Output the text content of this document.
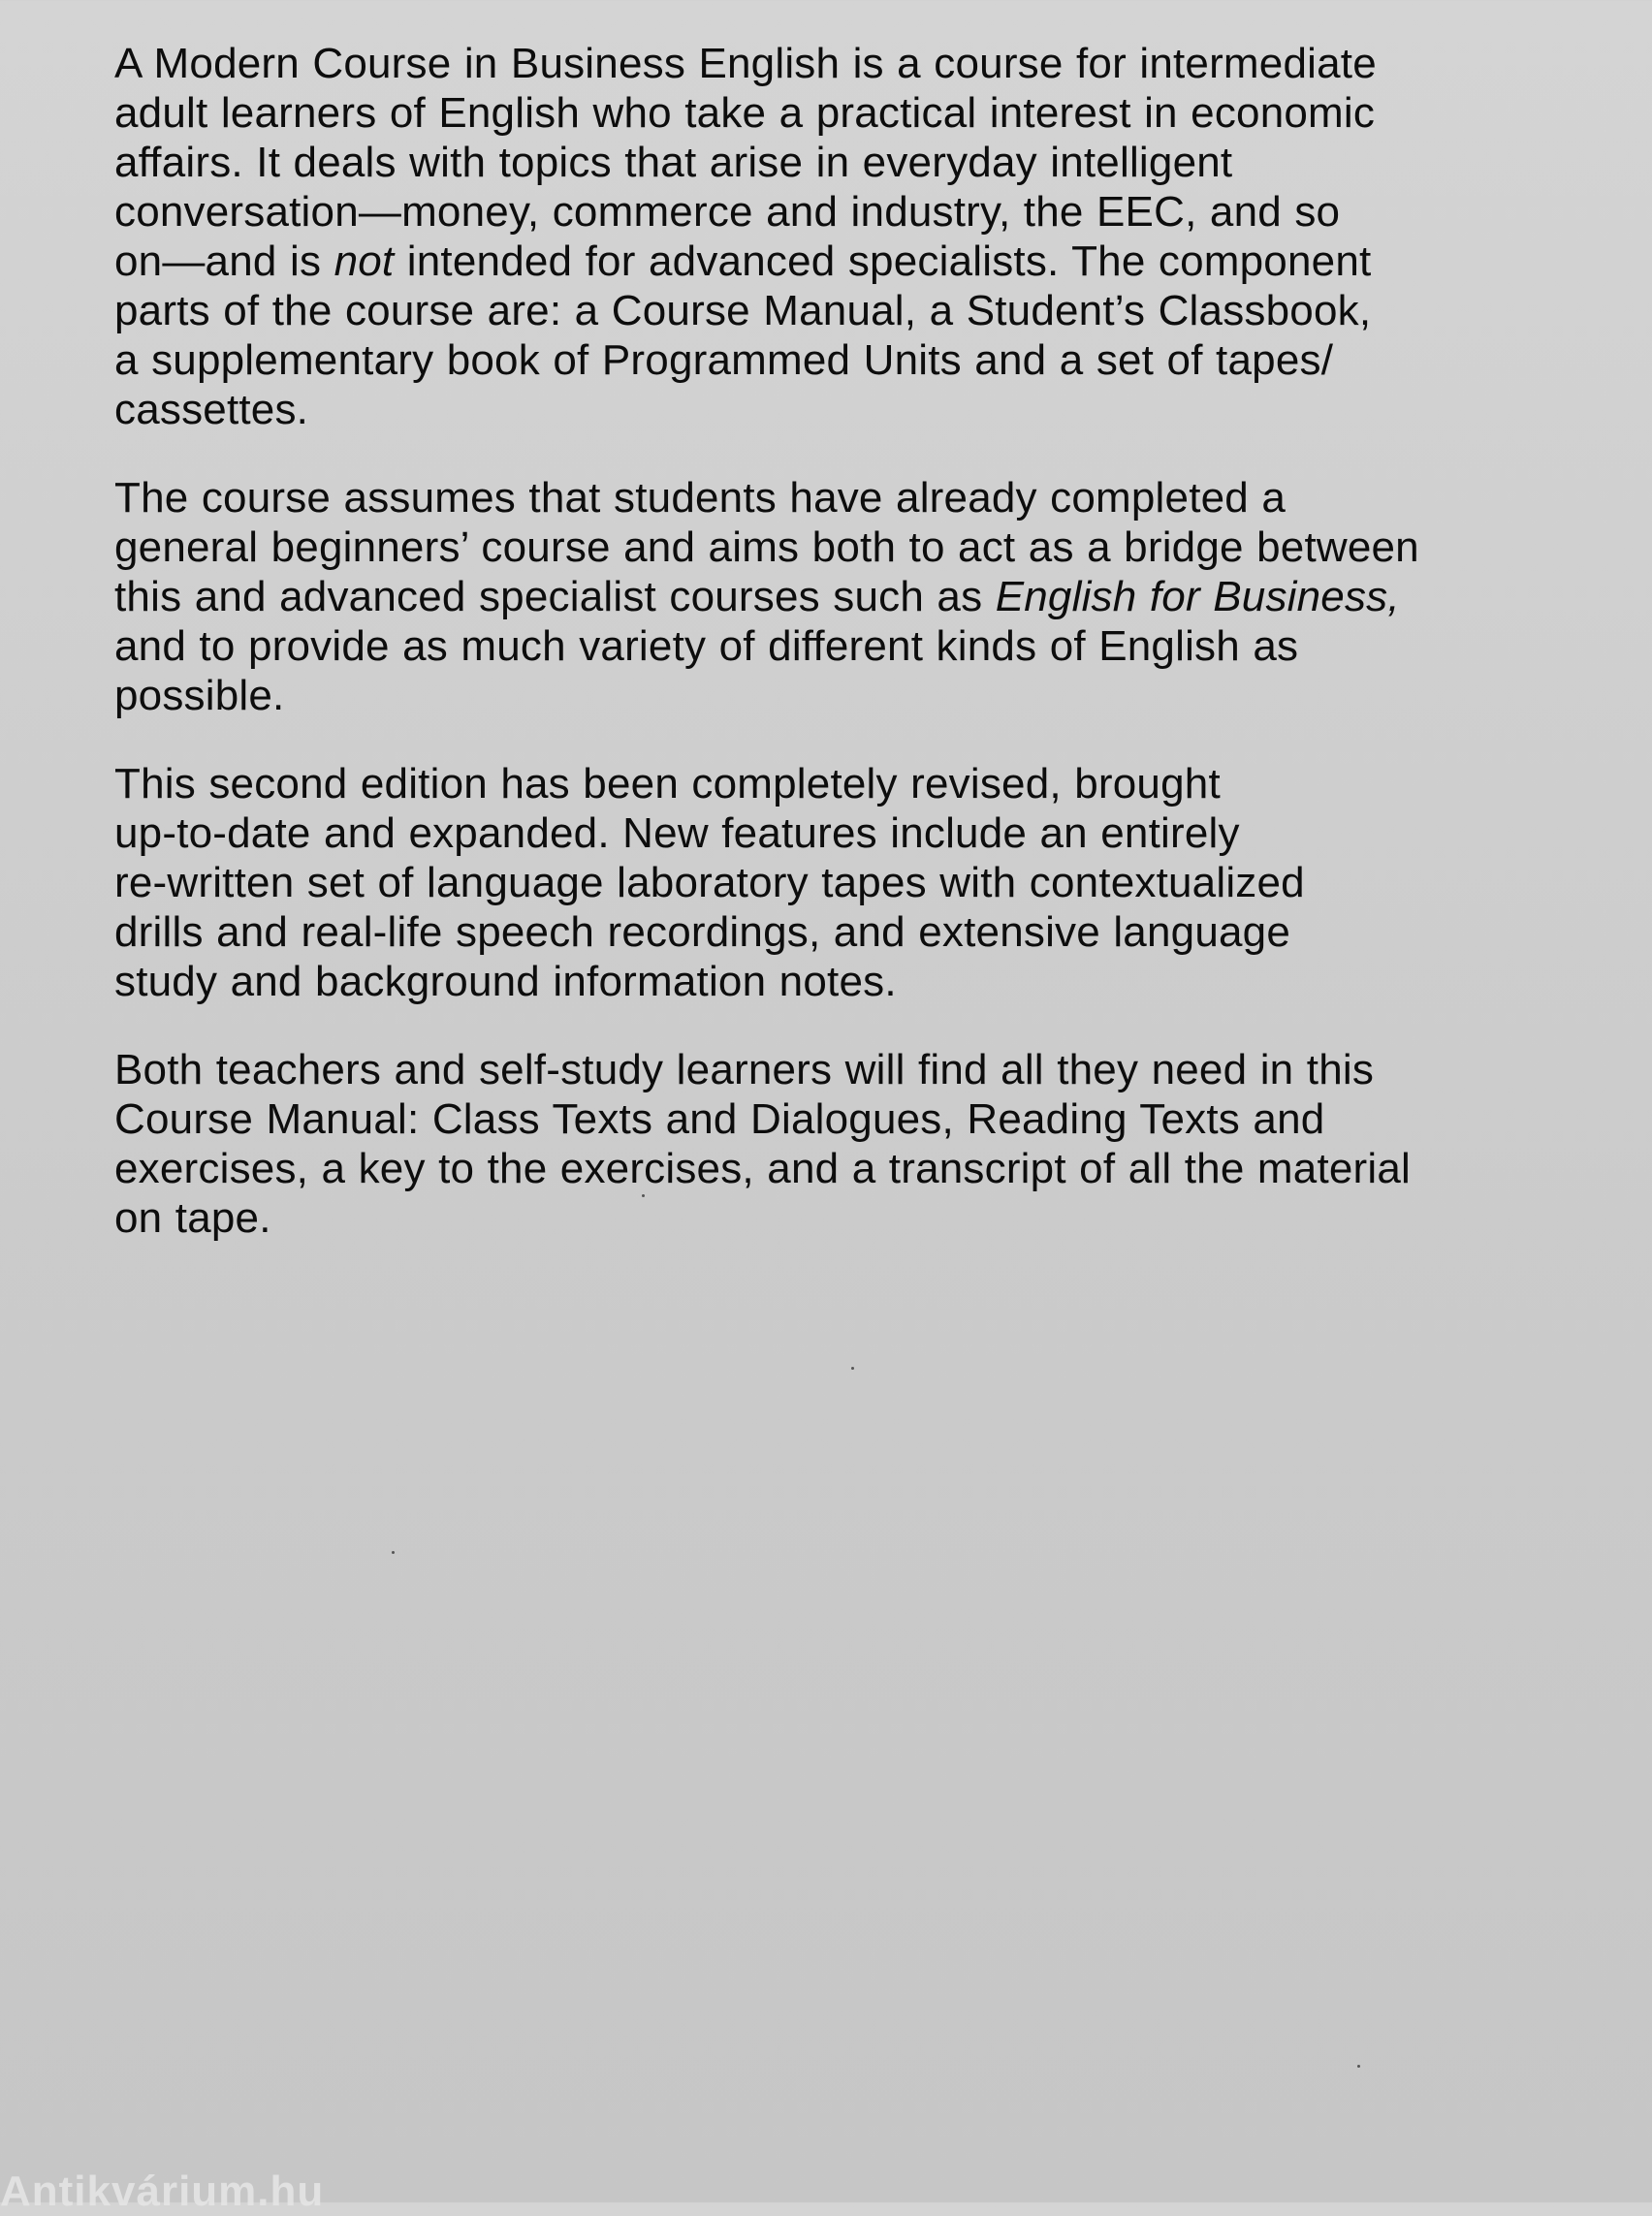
A Modern Course in Business English is a course for intermediate
adult learners of English who take a practical interest in economic
affairs. It deals with topics that arise in everyday intelligent
conversation—money, commerce and industry, the EEC, and so
on—and is not intended for advanced specialists. The component
parts of the course are: a Course Manual, a Student’s Classbook,
a supplementary book of Programmed Units and a set of tapes/
cassettes.

The course assumes that students have already completed a
general beginners’ course and aims both to act as a bridge between
this and advanced specialist courses such as English for Business,
and to provide as much variety of different kinds of English as
possible.

This second edition has been completely revised, brought
up-to-date and expanded. New features include an entirely
re-written set of language laboratory tapes with contextualized
drills and real-life speech recordings, and extensive language
study and background information notes.

Both teachers and self-study learners will find all they need in this
Course Manual: Class Texts and Dialogues, Reading Texts and
exercises, a key to the exercises, and a transcript of all the material
on tape.

Antikvárium.hu
